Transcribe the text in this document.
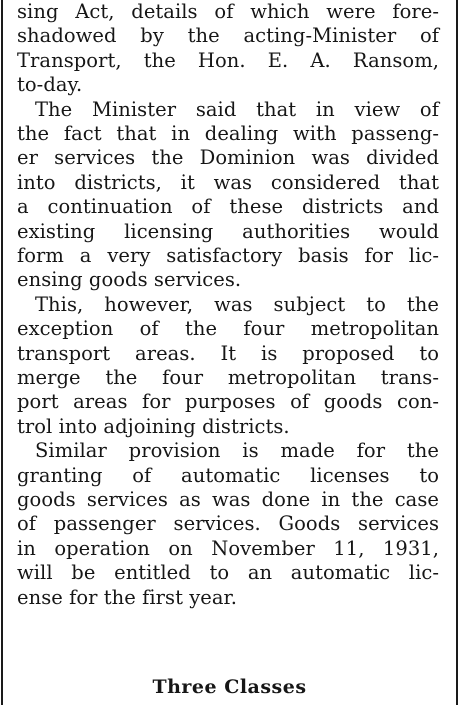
sing Act, details of which were fore-
shadowed by the acting-Minister of
Transport, the Hon. E. A. Ransom,
to-day.
The Minister said that in view of
the fact that in dealing with passeng-
er services the Dominion was divided
into districts, it was considered that
a continuation of these districts and
existing licensing authorities would
form a very satisfactory basis for lic-
ensing goods services.
This, however, was subject to the
exception of the four metropolitan
transport areas. It is proposed to
merge the four metropolitan trans-
port areas for purposes of goods con-
trol into adjoining districts.
Similar provision is made for the
granting of automatic licenses to
goods services as was done in the case
of passenger services. Goods services
in operation on November 11, 1931,
will be entitled to an automatic lic-
ense for the first year.
Three Classes
